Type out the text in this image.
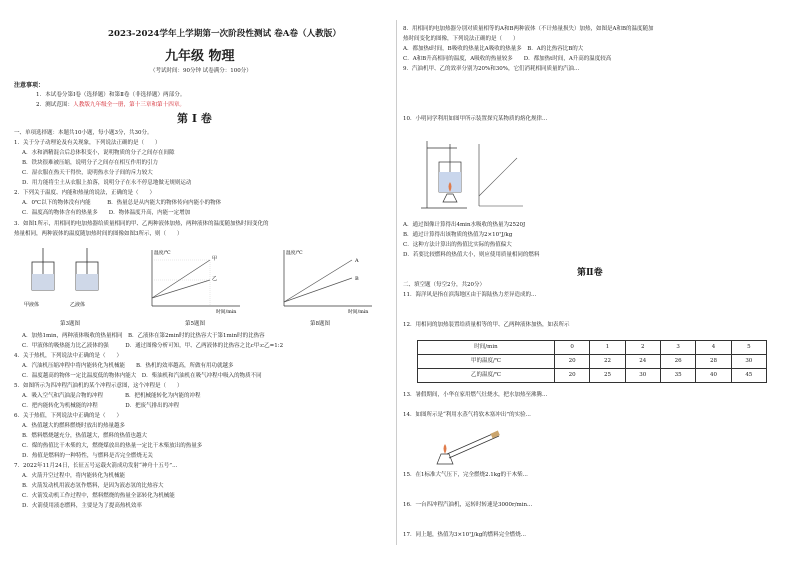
2023-2024学年上学期第一次阶段性测试 卷A卷（人教版）
九年级 物理
（考试时间：90分钟 试卷满分：100分）
注意事项：
1．本试卷分第Ⅰ卷（选择题）和第Ⅱ卷（非选择题）两部分。
2．测试范围：人教版九年级全一册，第十三章和第十四章。
第 Ⅰ 卷
一、单项选择题：本题共10小题，每小题3分，共30分。
1．关于分子动理论及有关现象，下列说法正确的是（　　）
A．水和酒精混合后总体积变小，说明物质的分子之间存在间隙
B．铁块很难被压缩，说明分子之间存在相互作用的引力
C．湿衣服在热天干得快，说明热水分子间的斥力较大
D．用力能将尘土从衣服上拍落，说明分子在永不停息地做无规则运动
2．下列关于温度、内能和热量的说法，正确的是（　　）
A．0℃以下的物体没有内能　　　B．热量总是从内能大的物体传向内能小的物体
C．温度高的物体含有的热量多　　D．物体温度升高，内能一定增加
3．如图1所示，用相同的电加热器给质量相同的甲、乙两种液体加热，两种液体的温度随加热时间变化的
热量相同，两种液体的温度随加热时间的图像如图3所示，则（　　）
甲液体	乙液体
温度/℃
时间/min
甲
乙
温度/℃
时间/min
A
B
第3题图	第5题图	第8题图
A．加热1min，两种液体吸收的热量相同　B．乙液体在第2min时的比热容大于第1min时的比热容
C．甲液体的吸热能力比乙液体的强　　　D．通过图像分析可知，甲、乙两液体的比热容之比c甲:c乙=1:2
4．关于热机，下列说法中正确的是（　　）
A．汽油机压缩冲程中将内能转化为机械能　　B．热机的效率越高，所做有用功就越多
C．温度越高的物体一定比温度低的物体内能大　D．柴油机和汽油机在吸气冲程中吸入的物质不同
5．如图所示为四冲程汽油机的某个冲程示意图，这个冲程是（　　）
A．吸入空气和汽油混合物的冲程　　　　B．把机械能转化为内能的冲程
C．把内能转化为机械能的冲程　　　　　D．把废气排出的冲程
6．关于热值，下列说法中正确的是（　　）
A．热值越大的燃料燃烧时放出的热量越多
B．燃料燃烧越充分，热值越大，燃料的热值也越大
C．煤的热值比干木柴的大，燃烧煤放出的热量一定比干木柴放出的热量多
D．热值是燃料的一种特性，与燃料是否完全燃烧无关
7．2022年11月24日，长征五号运载火箭成功发射“神舟十五号”...
A．火箭升空过程中，将内能转化为机械能
B．火箭发动机用液态氢作燃料，是因为液态氢的比热容大
C．火箭发动机工作过程中，燃料燃烧的热量全部转化为机械能
D．火箭使用液态燃料，主要是为了提高热机效率
8．用相同的电加热器分别对质量相等的A和B两种液体（不计热量损失）加热，如图是A和B的温度随加
热时间变化的图像，下列说法正确的是（　　）
A．都加热t时间，B吸收的热量比A吸收的热量多　B．A的比热容比B的大
C．A和B升高相同的温度，A吸收的热量较多　　D．都加热t时间，A升高的温度较高
9．汽油机甲、乙的效率分别为20%和30%，它们消耗相同质量的汽油...
10．小明同学利用如图甲所示装置探究某物质的熔化规律...
A．通过图像计算得出4min水吸收的热量为2520J
B．通过计算得出该物质的热值为2×10⁷J/kg
C．这种方法计算出的热值比实际的热值偏大
D．若要比较燃料的热值大小，则应使用质量相同的燃料
第Ⅱ卷
二、填空题（每空2分，共20分）
11．海洋风是指在滨海地区由于海陆热力差异造成的...
12．用相同的加热装置给质量相等的甲、乙两种液体加热，如表所示
时间/min	0	1	2	3	4	5
甲的温度/℃	20	22	24	26	28	30
乙的温度/℃	20	25	30	35	40	45
13．暑假期间，小华在家用燃气灶烧水，把水加热至沸腾...
14．如图所示是“利用水蒸气将软木塞冲出”的实验...
15．在1标准大气压下，完全燃烧2.1kg的干木柴...
16．一台四冲程汽油机，运转时转速是3000r/min...
17．同上题，热值为3×10⁷J/kg的燃料完全燃烧...
